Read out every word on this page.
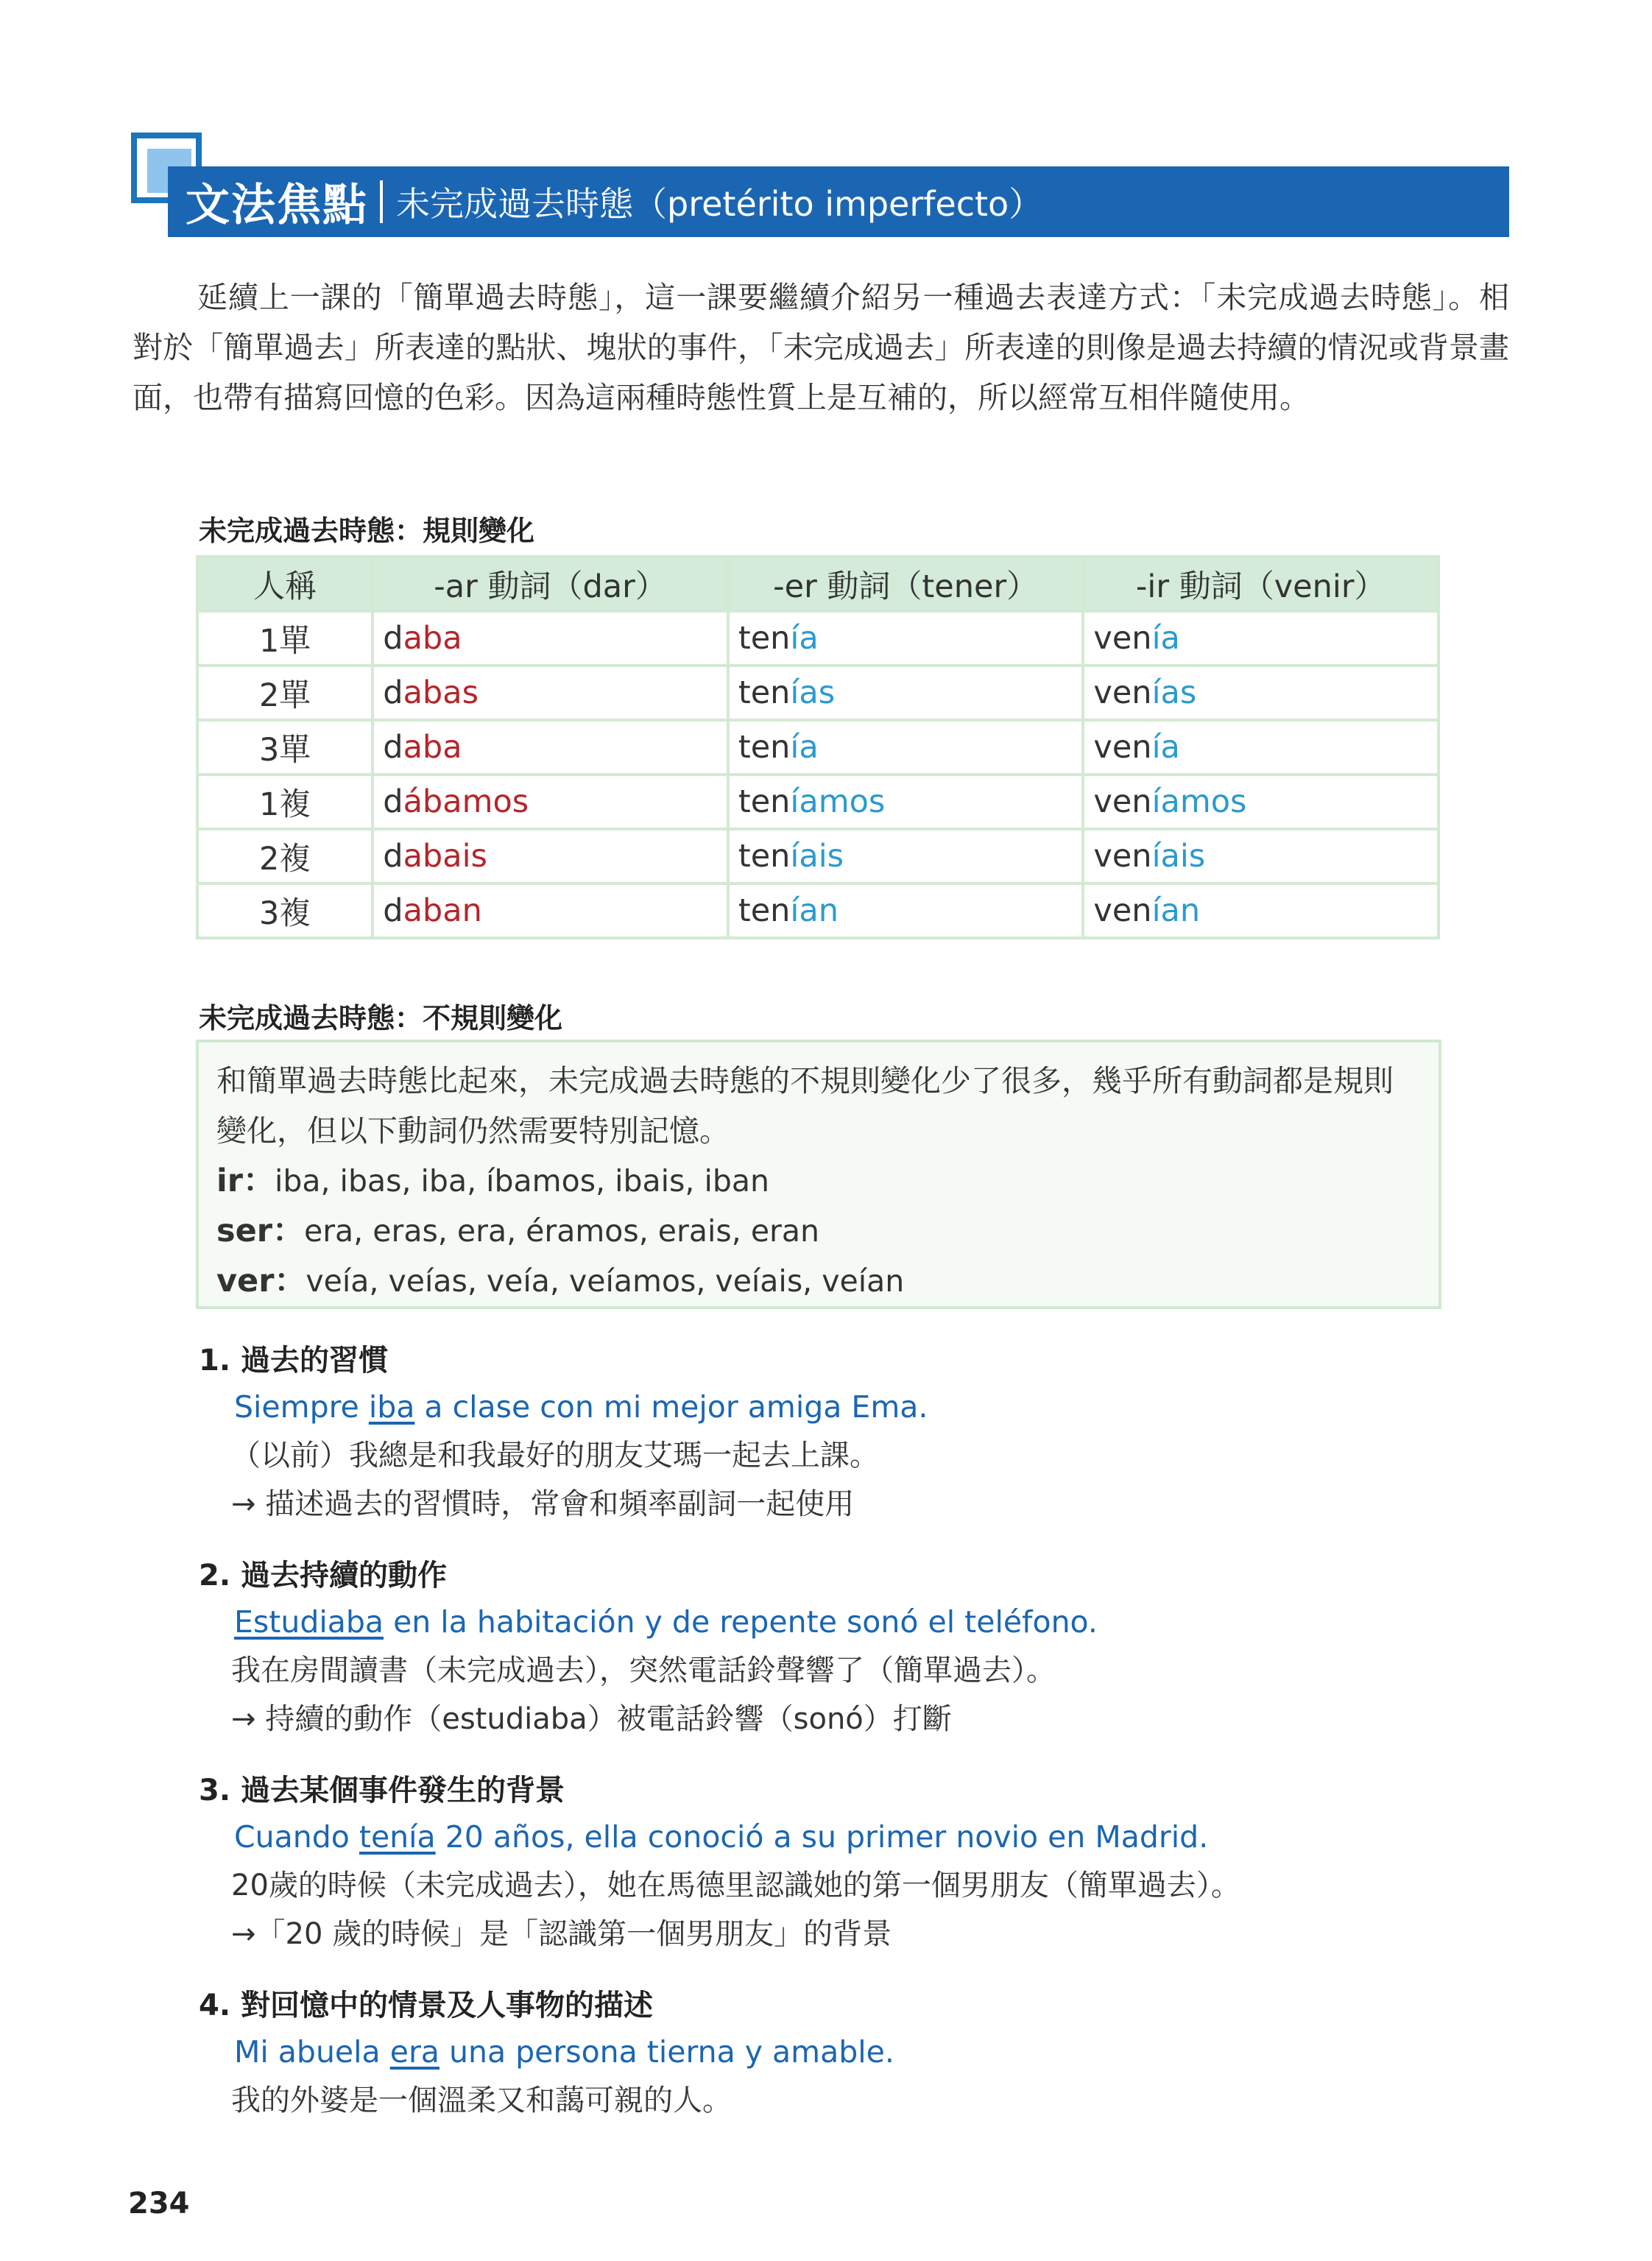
文法焦點 未完成過去時態（pretérito imperfecto）

延續上一課的「簡單過去時態」，這一課要繼續介紹另一種過去表達方式：「未完成過去時態」。相對於「簡單過去」所表達的點狀、塊狀的事件，「未完成過去」所表達的則像是過去持續的情況或背景畫面，也帶有描寫回憶的色彩。因為這兩種時態性質上是互補的，所以經常互相伴隨使用。

未完成過去時態：規則變化
人稱	-ar 動詞（dar）	-er 動詞（tener）	-ir 動詞（venir）
1單	daba	tenía	venía
2單	dabas	tenías	venías
3單	daba	tenía	venía
1複	dábamos	teníamos	veníamos
2複	dabais	teníais	veníais
3複	daban	tenían	venían
未完成過去時態：不規則變化
和簡單過去時態比起來，未完成過去時態的不規則變化少了很多，幾乎所有動詞都是規則變化，但以下動詞仍然需要特別記憶。
ir：iba, ibas, iba, íbamos, ibais, iban
ser：era, eras, era, éramos, erais, eran
ver：veía, veías, veía, veíamos, veíais, veían
1. 過去的習慣
Siempre iba a clase con mi mejor amiga Ema.
（以前）我總是和我最好的朋友艾瑪一起去上課。
→ 描述過去的習慣時，常會和頻率副詞一起使用
2. 過去持續的動作
Estudiaba en la habitación y de repente sonó el teléfono.
我在房間讀書（未完成過去），突然電話鈴聲響了（簡單過去）。
→ 持續的動作（estudiaba）被電話鈴響（sonó）打斷
3. 過去某個事件發生的背景
Cuando tenía 20 años, ella conoció a su primer novio en Madrid.
20歲的時候（未完成過去），她在馬德里認識她的第一個男朋友（簡單過去）。
→「20 歲的時候」是「認識第一個男朋友」的背景
4. 對回憶中的情景及人事物的描述
Mi abuela era una persona tierna y amable.
我的外婆是一個溫柔又和藹可親的人。
234
